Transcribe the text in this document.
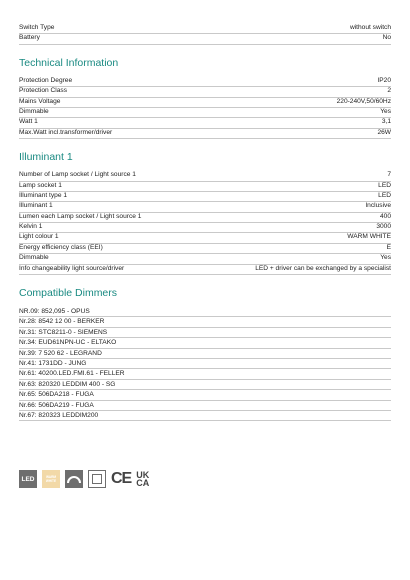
Switch Type	without switch
Battery	No
Technical Information
Protection Degree	IP20
Protection Class	2
Mains Voltage	220-240V,50/60Hz
Dimmable	Yes
Watt 1	3,1
Max.Watt incl.transformer/driver	26W
Illuminant 1
Number of Lamp socket / Light source 1	7
Lamp socket 1	LED
Illuminant type 1	LED
Illuminant 1	Inclusive
Lumen each Lamp socket / Light source 1	400
Kelvin 1	3000
Light colour 1	WARM WHITE
Energy efficiency class (EEI)	E
Dimmable	Yes
Info changeability light source/driver	LED + driver can be exchanged by a specialist
Compatible Dimmers
NR.09: 852,095 - OPUS
Nr.28: 8542 12 00 - BERKER
Nr.31: STC8211-0 - SIEMENS
Nr.34: EUD61NPN-UC - ELTAKO
Nr.39: 7 520 62 - LEGRAND
Nr.41: 1731DD - JUNG
Nr.61: 40200.LED.FMI.61 - FELLER
Nr.63: 820320 LEDDIM 400 - SG
Nr.65: 506DA218 - FUGA
Nr.66: 506DA219 - FUGA
Nr.67: 820323 LEDDIM200
LED	WARM
WHITE	CE UK
CA
